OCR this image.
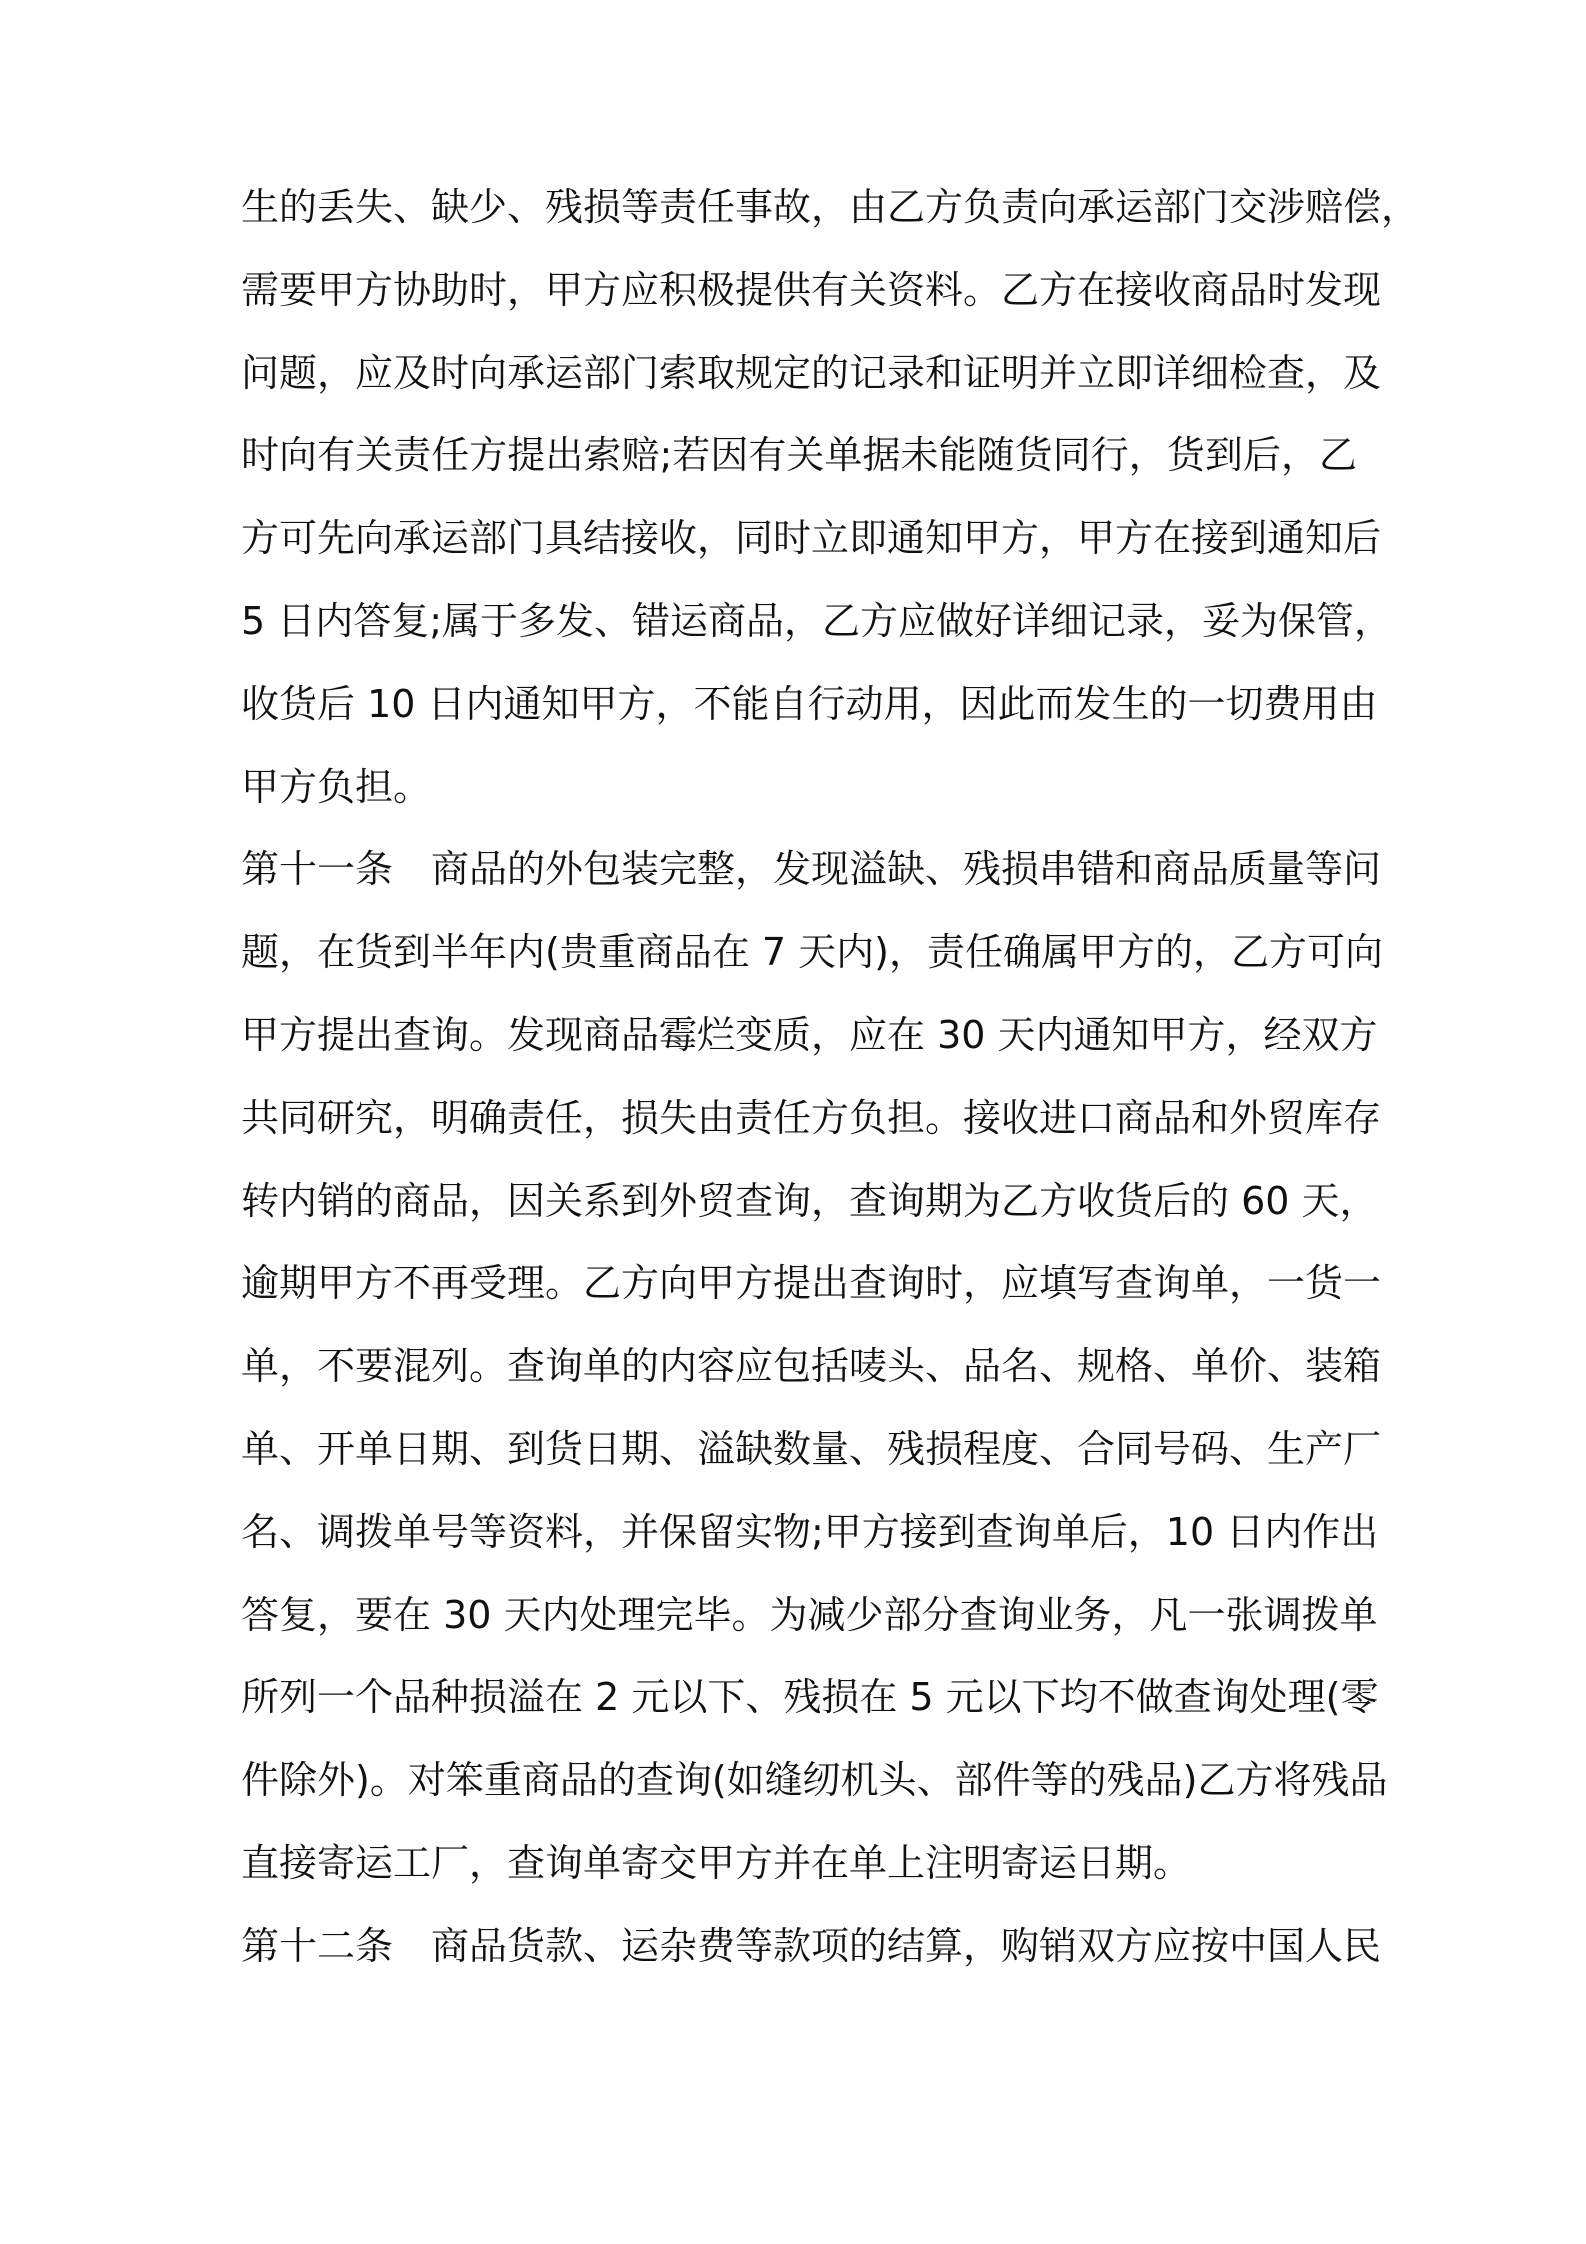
生的丢失、缺少、残损等责任事故，由乙方负责向承运部门交涉赔偿，
需要甲方协助时，甲方应积极提供有关资料。乙方在接收商品时发现
问题，应及时向承运部门索取规定的记录和证明并立即详细检查，及
时向有关责任方提出索赔;若因有关单据未能随货同行，货到后，乙
方可先向承运部门具结接收，同时立即通知甲方，甲方在接到通知后
5 日内答复;属于多发、错运商品，乙方应做好详细记录，妥为保管，
收货后 10 日内通知甲方，不能自行动用，因此而发生的一切费用由
甲方负担。
第十一条　商品的外包装完整，发现溢缺、残损串错和商品质量等问
题，在货到半年内(贵重商品在 7 天内)，责任确属甲方的，乙方可向
甲方提出查询。发现商品霉烂变质，应在 30 天内通知甲方，经双方
共同研究，明确责任，损失由责任方负担。接收进口商品和外贸库存
转内销的商品，因关系到外贸查询，查询期为乙方收货后的 60 天，
逾期甲方不再受理。乙方向甲方提出查询时，应填写查询单，一货一
单，不要混列。查询单的内容应包括唛头、品名、规格、单价、装箱
单、开单日期、到货日期、溢缺数量、残损程度、合同号码、生产厂
名、调拨单号等资料，并保留实物;甲方接到查询单后，10 日内作出
答复，要在 30 天内处理完毕。为减少部分查询业务，凡一张调拨单
所列一个品种损溢在 2 元以下、残损在 5 元以下均不做查询处理(零
件除外)。对笨重商品的查询(如缝纫机头、部件等的残品)乙方将残品
直接寄运工厂，查询单寄交甲方并在单上注明寄运日期。
第十二条　商品货款、运杂费等款项的结算，购销双方应按中国人民
